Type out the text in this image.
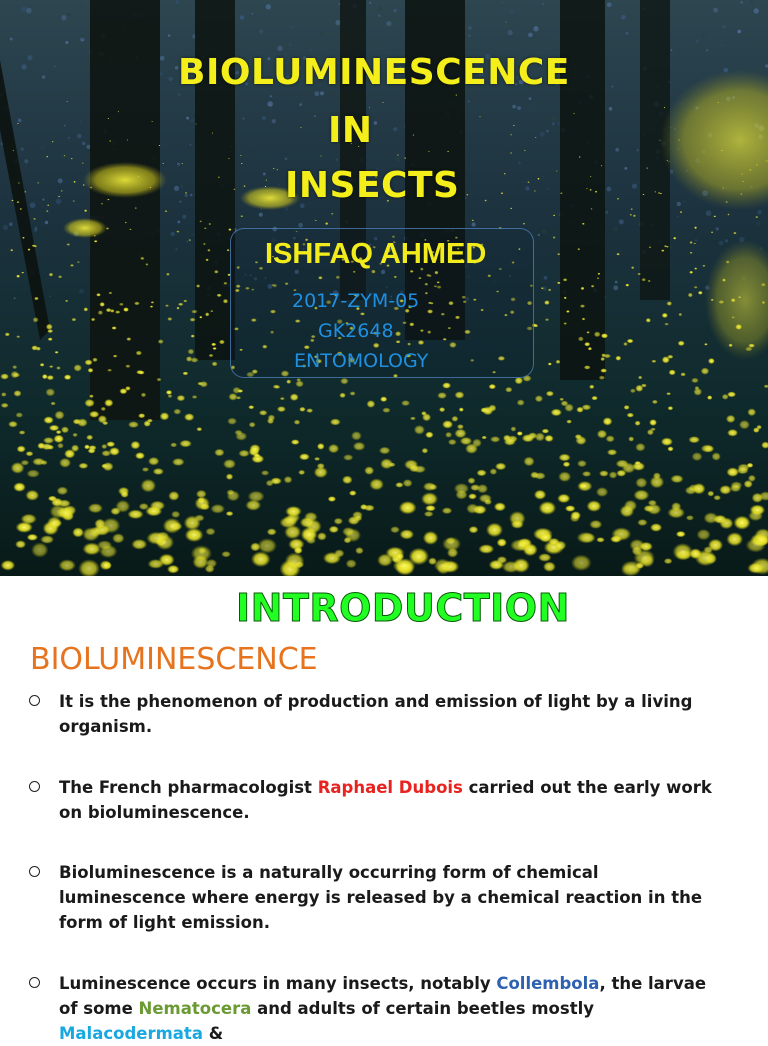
BIOLUMINESCENCE
IN
INSECTS
ISHFAQ AHMED
2017-ZYM-05
GK2648
ENTOMOLOGY
INTRODUCTION
BIOLUMINESCENCE
It is the phenomenon of production and emission of light by a living organism.
The French pharmacologist Raphael Dubois carried out the early work on bioluminescence.
Bioluminescence is a naturally occurring form of chemical luminescence where energy is released by a chemical reaction in the form of light emission.
Luminescence occurs in many insects, notably Collembola, the larvae of some Nematocera and adults of certain beetles mostly Malacodermata &
